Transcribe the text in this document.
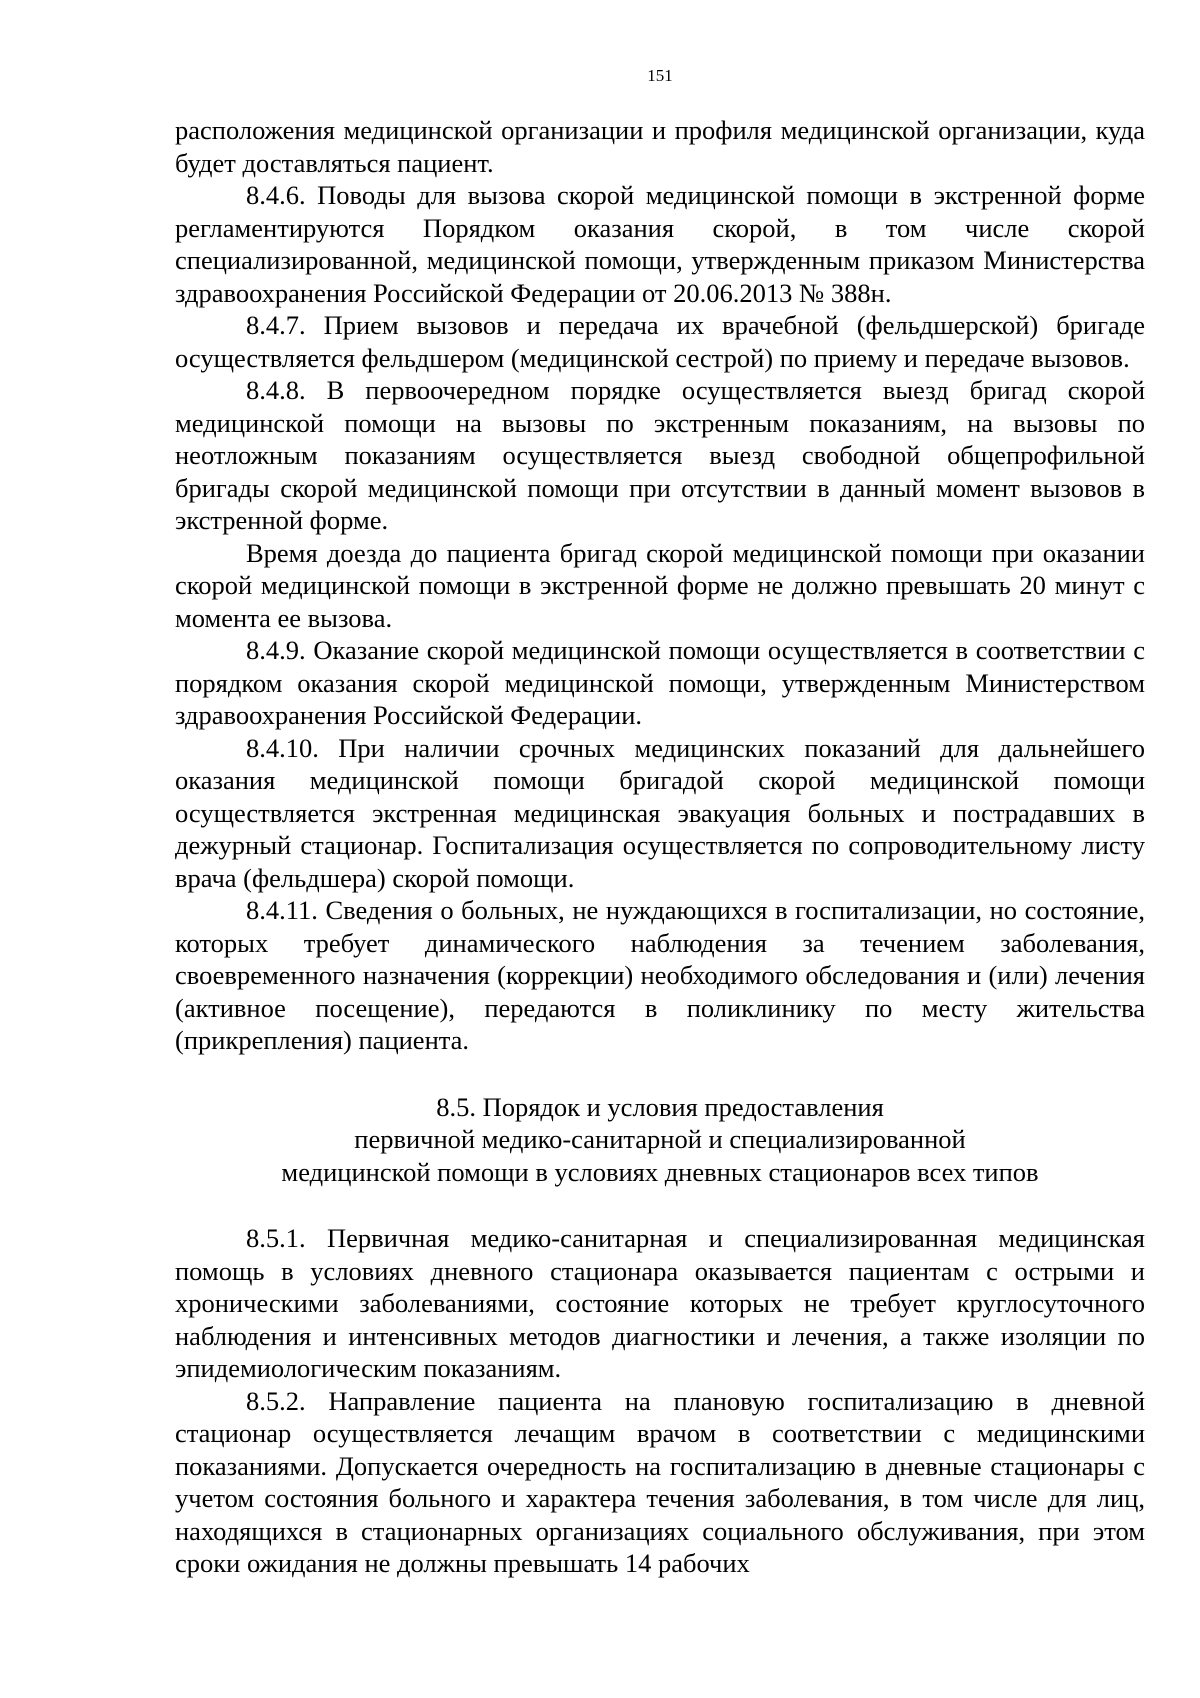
151

расположения медицинской организации и профиля медицинской организации, куда будет доставляться пациент.

8.4.6. Поводы для вызова скорой медицинской помощи в экстренной форме регламентируются Порядком оказания скорой, в том числе скорой специализированной, медицинской помощи, утвержденным приказом Министерства здравоохранения Российской Федерации от 20.06.2013 № 388н.

8.4.7. Прием вызовов и передача их врачебной (фельдшерской) бригаде осуществляется фельдшером (медицинской сестрой) по приему и передаче вызовов.

8.4.8. В первоочередном порядке осуществляется выезд бригад скорой медицинской помощи на вызовы по экстренным показаниям, на вызовы по неотложным показаниям осуществляется выезд свободной общепрофильной бригады скорой медицинской помощи при отсутствии в данный момент вызовов в экстренной форме.

Время доезда до пациента бригад скорой медицинской помощи при оказании скорой медицинской помощи в экстренной форме не должно превышать 20 минут с момента ее вызова.

8.4.9. Оказание скорой медицинской помощи осуществляется в соответствии с порядком оказания скорой медицинской помощи, утвержденным Министерством здравоохранения Российской Федерации.

8.4.10. При наличии срочных медицинских показаний для дальнейшего оказания медицинской помощи бригадой скорой медицинской помощи осуществляется экстренная медицинская эвакуация больных и пострадавших в дежурный стационар. Госпитализация осуществляется по сопроводительному листу врача (фельдшера) скорой помощи.

8.4.11. Сведения о больных, не нуждающихся в госпитализации, но состояние, которых требует динамического наблюдения за течением заболевания, своевременного назначения (коррекции) необходимого обследования и (или) лечения (активное посещение), передаются в поликлинику по месту жительства (прикрепления) пациента.

8.5. Порядок и условия предоставления
первичной медико-санитарной и специализированной
медицинской помощи в условиях дневных стационаров всех типов

8.5.1. Первичная медико-санитарная и специализированная медицинская помощь в условиях дневного стационара оказывается пациентам с острыми и хроническими заболеваниями, состояние которых не требует круглосуточного наблюдения и интенсивных методов диагностики и лечения, а также изоляции по эпидемиологическим показаниям.

8.5.2. Направление пациента на плановую госпитализацию в дневной стационар осуществляется лечащим врачом в соответствии с медицинскими показаниями. Допускается очередность на госпитализацию в дневные стационары с учетом состояния больного и характера течения заболевания, в том числе для лиц, находящихся в стационарных организациях социального обслуживания, при этом сроки ожидания не должны превышать 14 рабочих
